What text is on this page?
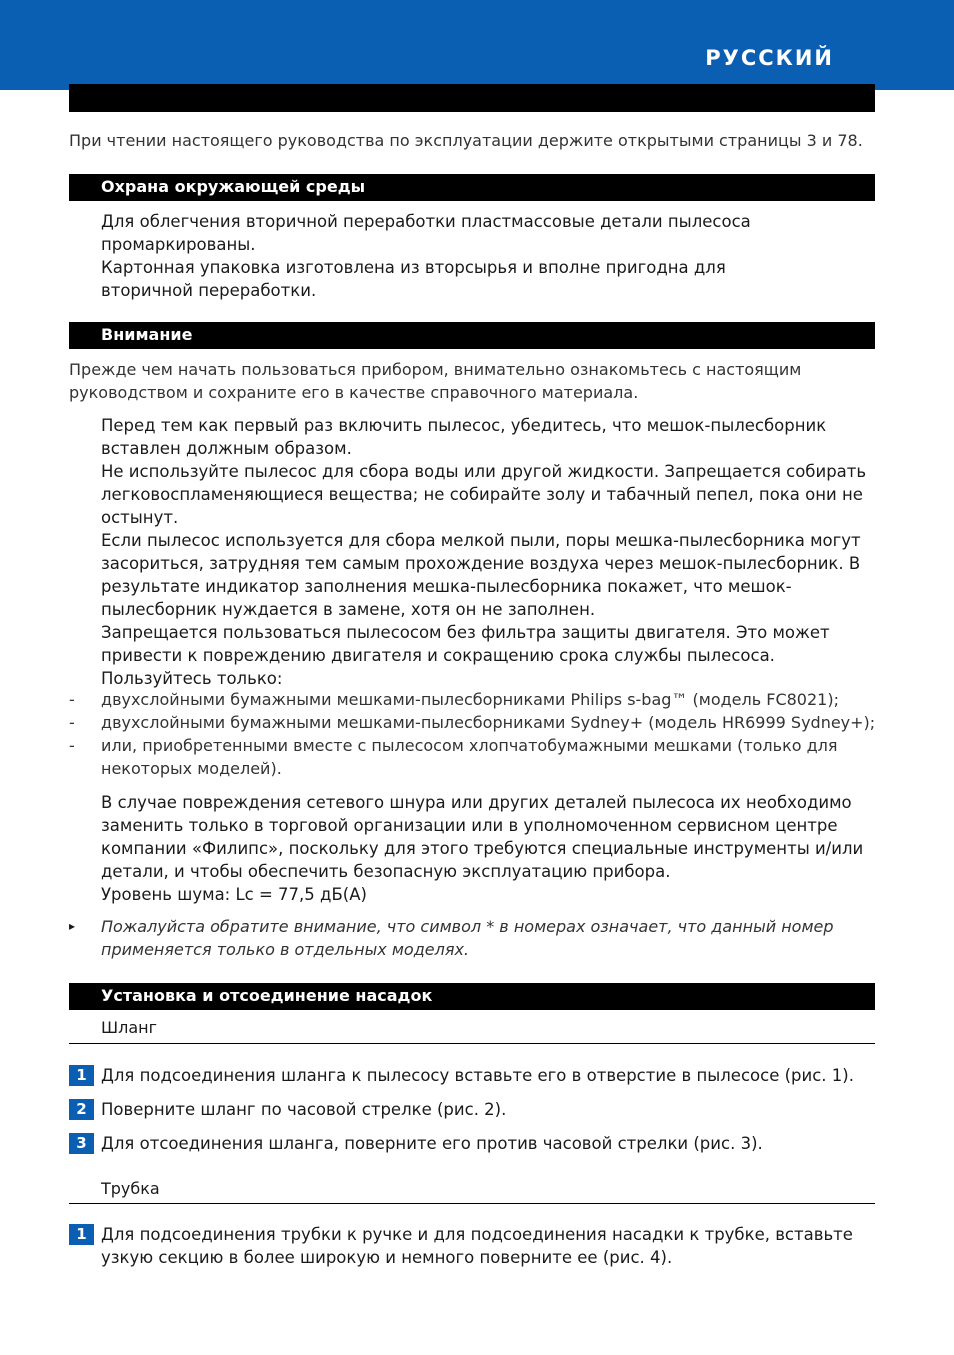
РУССКИЙ

При чтении настоящего руководства по эксплуатации держите открытыми страницы 3 и 78.

Охрана окружающей среды

Для облегчения вторичной переработки пластмассовые детали пылесоса промаркированы.
Картонная упаковка изготовлена из вторсырья и вполне пригодна для вторичной переработки.

Внимание

Прежде чем начать пользоваться прибором, внимательно ознакомьтесь с настоящим руководством и сохраните его в качестве справочного материала.

Перед тем как первый раз включить пылесос, убедитесь, что мешок-пылесборник вставлен должным образом.
Не используйте пылесос для сбора воды или другой жидкости. Запрещается собирать легковоспламеняющиеся вещества; не собирайте золу и табачный пепел, пока они не остынут.
Если пылесос используется для сбора мелкой пыли, поры мешка-пылесборника могут засориться, затрудняя тем самым прохождение воздуха через мешок-пылесборник. В результате индикатор заполнения мешка-пылесборника покажет, что мешок-пылесборник нуждается в замене, хотя он не заполнен.
Запрещается пользоваться пылесосом без фильтра защиты двигателя. Это может привести к повреждению двигателя и сокращению срока службы пылесоса.
Пользуйтесь только:

- двухслойными бумажными мешками-пылесборниками Philips s-bag™ (модель FC8021);

- двухслойными бумажными мешками-пылесборниками Sydney+ (модель HR6999 Sydney+);

- или, приобретенными вместе с пылесосом хлопчатобумажными мешками (только для некоторых моделей).

В случае повреждения сетевого шнура или других деталей пылесоса их необходимо заменить только в торговой организации или в уполномоченном сервисном центре компании «Филипс», поскольку для этого требуются специальные инструменты и/или детали, и чтобы обеспечить безопасную эксплуатацию прибора.
Уровень шума: Lc = 77,5 дБ(A)

▸ Пожалуйста обратите внимание, что символ * в номерах означает, что данный номер применяется только в отдельных моделях.

Установка и отсоединение насадок
Шланг
1 Для подсоединения шланга к пылесосу вставьте его в отверстие в пылесосе (рис. 1).

2 Поверните шланг по часовой стрелке (рис. 2).

3 Для отсоединения шланга, поверните его против часовой стрелки (рис. 3).

Трубка
1 Для подсоединения трубки к ручке и для подсоединения насадки к трубке, вставьте узкую секцию в более широкую и немного поверните ее (рис. 4).
